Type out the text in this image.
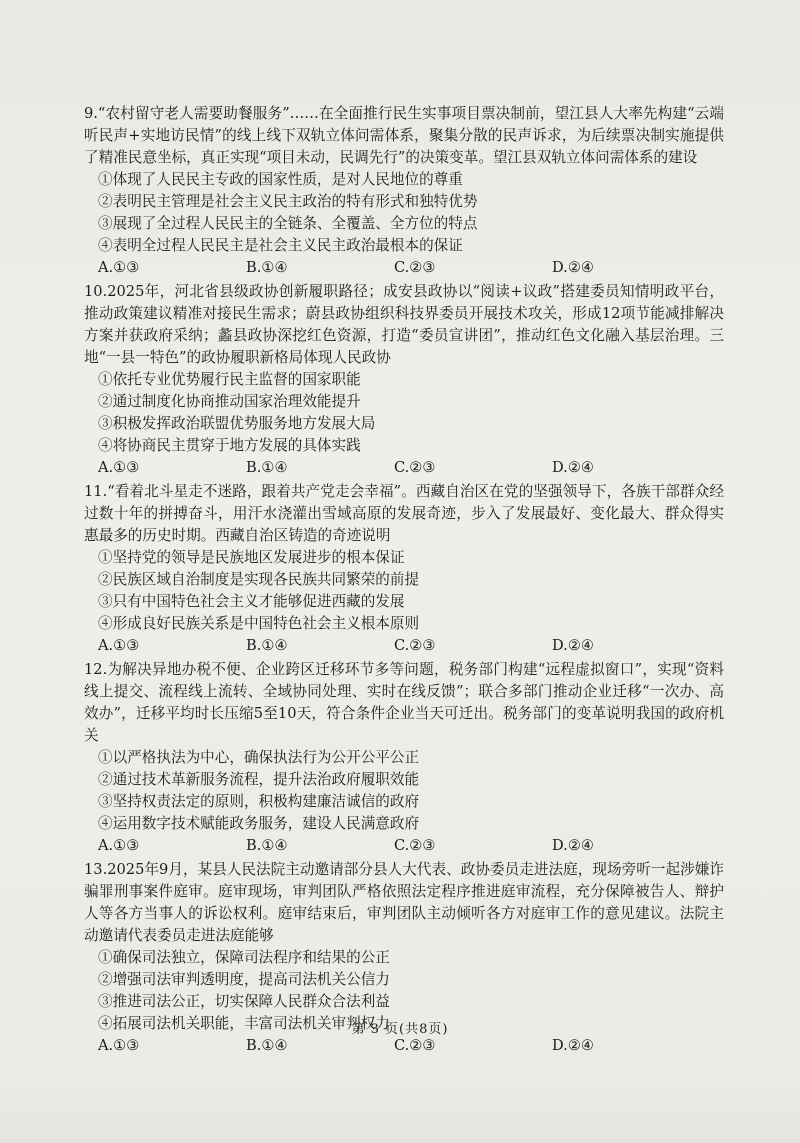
9.“农村留守老人需要助餐服务”……在全面推行民生实事项目票决制前，望江县人大率先构建“云端听民声+实地访民情”的线上线下双轨立体问需体系，聚集分散的民声诉求，为后续票决制实施提供了精准民意坐标，真正实现“项目未动，民调先行”的决策变革。望江县双轨立体问需体系的建设

①体现了人民民主专政的国家性质，是对人民地位的尊重

②表明民主管理是社会主义民主政治的特有形式和独特优势

③展现了全过程人民民主的全链条、全覆盖、全方位的特点

④表明全过程人民民主是社会主义民主政治最根本的保证

A.①③	B.①④	C.②③	D.②④

10.2025年，河北省县级政协创新履职路径；成安县政协以“阅读+议政”搭建委员知情明政平台，推动政策建议精准对接民生需求；蔚县政协组织科技界委员开展技术攻关，形成12项节能减排解决方案并获政府采纳；蠡县政协深挖红色资源，打造“委员宣讲团”，推动红色文化融入基层治理。三地“一县一特色”的政协履职新格局体现人民政协

①依托专业优势履行民主监督的国家职能

②通过制度化协商推动国家治理效能提升

③积极发挥政治联盟优势服务地方发展大局

④将协商民主贯穿于地方发展的具体实践

A.①③	B.①④	C.②③	D.②④

11.“看着北斗星走不迷路，跟着共产党走会幸福”。西藏自治区在党的坚强领导下，各族干部群众经过数十年的拼搏奋斗，用汗水浇灌出雪域高原的发展奇迹，步入了发展最好、变化最大、群众得实惠最多的历史时期。西藏自治区铸造的奇迹说明

①坚持党的领导是民族地区发展进步的根本保证

②民族区域自治制度是实现各民族共同繁荣的前提

③只有中国特色社会主义才能够促进西藏的发展

④形成良好民族关系是中国特色社会主义根本原则

A.①③	B.①④	C.②③	D.②④

12.为解决异地办税不便、企业跨区迁移环节多等问题，税务部门构建“远程虚拟窗口”，实现“资料线上提交、流程线上流转、全域协同处理、实时在线反馈”；联合多部门推动企业迁移“一次办、高效办”，迁移平均时长压缩5至10天，符合条件企业当天可迁出。税务部门的变革说明我国的政府机关

①以严格执法为中心，确保执法行为公开公平公正

②通过技术革新服务流程，提升法治政府履职效能

③坚持权责法定的原则，积极构建廉洁诚信的政府

④运用数字技术赋能政务服务，建设人民满意政府

A.①③	B.①④	C.②③	D.②④

13.2025年9月，某县人民法院主动邀请部分县人大代表、政协委员走进法庭，现场旁听一起涉嫌诈骗罪刑事案件庭审。庭审现场，审判团队严格依照法定程序推进庭审流程，充分保障被告人、辩护人等各方当事人的诉讼权利。庭审结束后，审判团队主动倾听各方对庭审工作的意见建议。法院主动邀请代表委员走进法庭能够

①确保司法独立，保障司法程序和结果的公正

②增强司法审判透明度，提高司法机关公信力

③推进司法公正，切实保障人民群众合法利益

④拓展司法机关职能，丰富司法机关审判权力

A.①③	B.①④	C.②③	D.②④
第 3 页(共8页)
